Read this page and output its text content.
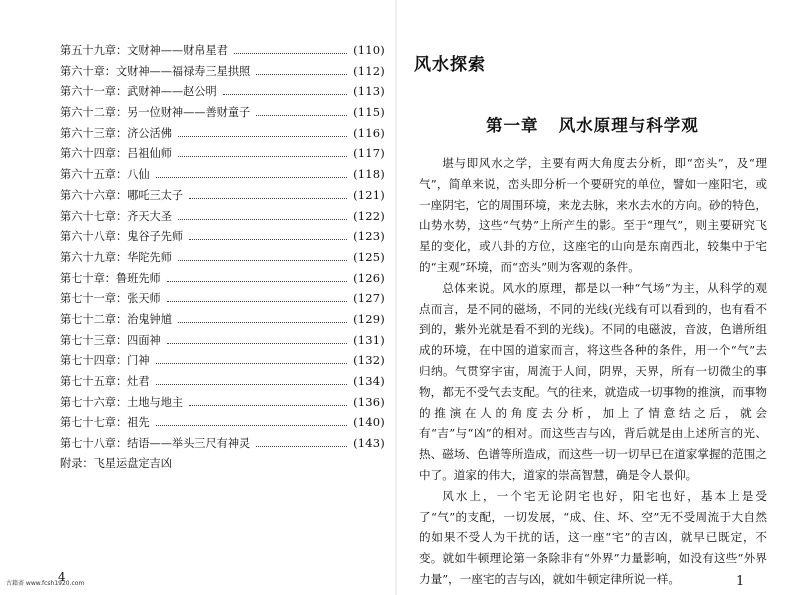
第五十九章：文财神——财帛星君	(110)
第六十章：文财神——福禄寿三星拱照	(112)
第六十一章：武财神——赵公明	(113)
第六十二章：另一位财神——善财童子	(115)
第六十三章：济公活佛	(116)
第六十四章：吕祖仙师	(117)
第六十五章：八仙	(118)
第六十六章：哪吒三太子	(121)
第六十七章：齐天大圣	(122)
第六十八章：鬼谷子先师	(123)
第六十九章：华陀先师	(125)
第七十章：鲁班先师	(126)
第七十一章：张天师	(127)
第七十二章：治鬼钟馗	(129)
第七十三章：四面神	(131)
第七十四章：门神	(132)
第七十五章：灶君	(134)
第七十六章：土地与地主	(136)
第七十七章：祖先	(140)
第七十八章：结语——举头三尺有神灵	(143)
附录：飞星运盘定吉凶
4
古籍斋 www.fcsh1920.com
风水探索
第一章   风水原理与科学观

堪与即风水之学，主要有两大角度去分析，即“峦头”，及“理气”，简单来说，峦头即分析一个要研究的单位，譬如一座阳宅，或一座阴宅，它的周围环境，来龙去脉，来水去水的方向。砂的特色，山势水势，这些“气势”上所产生的影。至于“理气”，则主要研究飞星的变化，或八卦的方位，这座宅的山向是东南西北，较集中于宅的“主观”环境，而“峦头”则为客观的条件。

总体来说。风水的原理，都是以一种“气场”为主，从科学的观点而言，是不同的磁场，不同的光线(光线有可以看到的，也有看不到的，紫外光就是看不到的光线)。不同的电磁波，音波，色谱所组成的环境，在中国的道家而言，将这些各种的条件，用一个“气”去归纳。气贯穿宇宙，周流于人间，阴界，天界，所有一切微尘的事物，都无不受气去支配。气的往来，就造成一切事物的推演，而事物的推演在人的角度去分析，加上了情意结之后，就会有“吉”与“凶”的相对。而这些吉与凶，背后就是由上述所言的光、热、磁场、色谱等所造成，而这些一切一切早已在道家掌握的范围之中了。道家的伟大，道家的崇高智慧，确是令人景仰。

风水上，一个宅无论阴宅也好，阳宅也好，基本上是受了“气”的支配，一切发展，“成、住、坏、空”无不受周流于大自然的如果不受人为干扰的话，这一座“宅”的吉凶，就早已既定，不变。就如牛顿理论第一条除非有“外界”力量影响，如没有这些“外界力量”，一座宅的吉与凶，就如牛顿定律所说一样。	1
